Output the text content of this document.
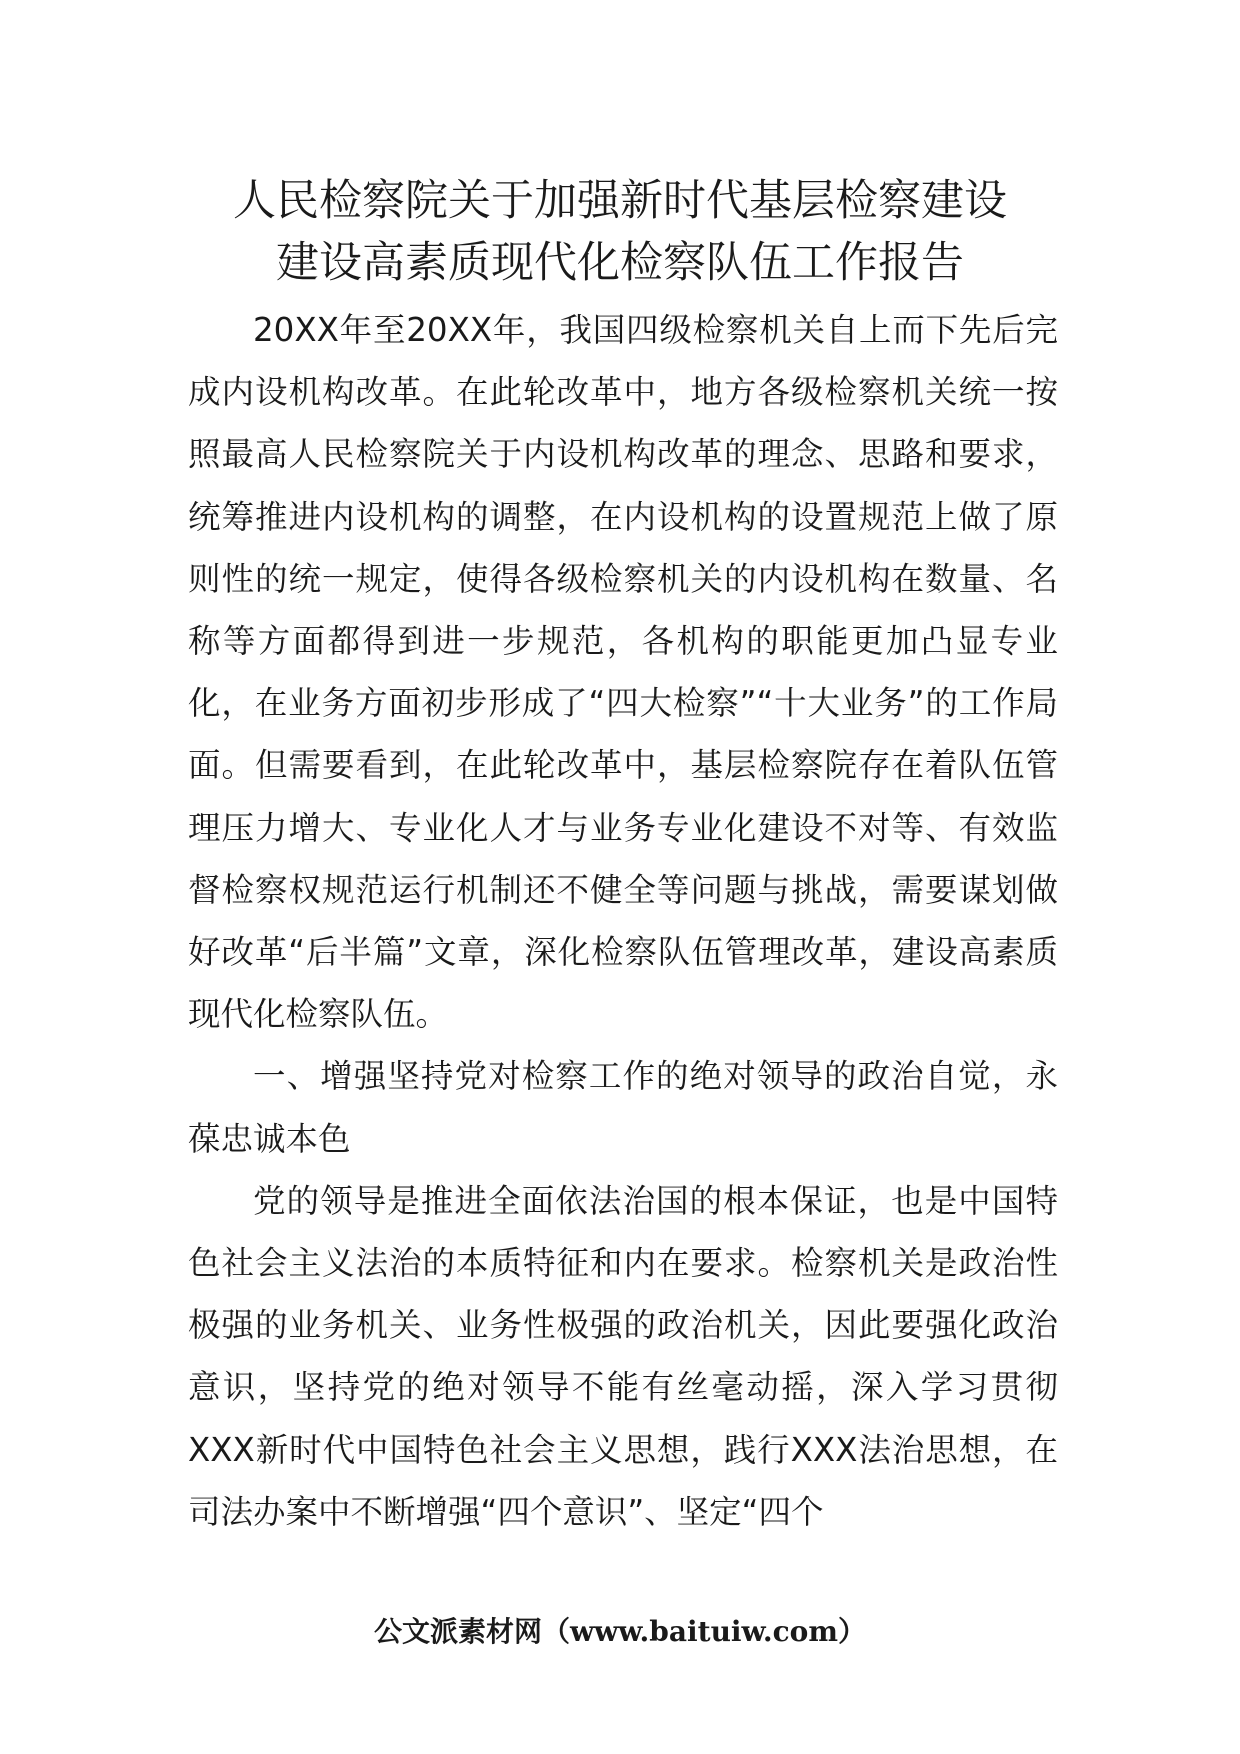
人民检察院关于加强新时代基层检察建设
建设高素质现代化检察队伍工作报告

20XX年至20XX年，我国四级检察机关自上而下先后完成内设机构改革。在此轮改革中，地方各级检察机关统一按照最高人民检察院关于内设机构改革的理念、思路和要求，统筹推进内设机构的调整，在内设机构的设置规范上做了原则性的统一规定，使得各级检察机关的内设机构在数量、名称等方面都得到进一步规范，各机构的职能更加凸显专业化，在业务方面初步形成了“四大检察”“十大业务”的工作局面。但需要看到，在此轮改革中，基层检察院存在着队伍管理压力增大、专业化人才与业务专业化建设不对等、有效监督检察权规范运行机制还不健全等问题与挑战，需要谋划做好改革“后半篇”文章，深化检察队伍管理改革，建设高素质现代化检察队伍。

一、增强坚持党对检察工作的绝对领导的政治自觉，永葆忠诚本色

党的领导是推进全面依法治国的根本保证，也是中国特色社会主义法治的本质特征和内在要求。检察机关是政治性极强的业务机关、业务性极强的政治机关，因此要强化政治意识，坚持党的绝对领导不能有丝毫动摇，深入学习贯彻XXX新时代中国特色社会主义思想，践行XXX法治思想，在司法办案中不断增强“四个意识”、坚定“四个

公文派素材网（www.baituiw.com）
